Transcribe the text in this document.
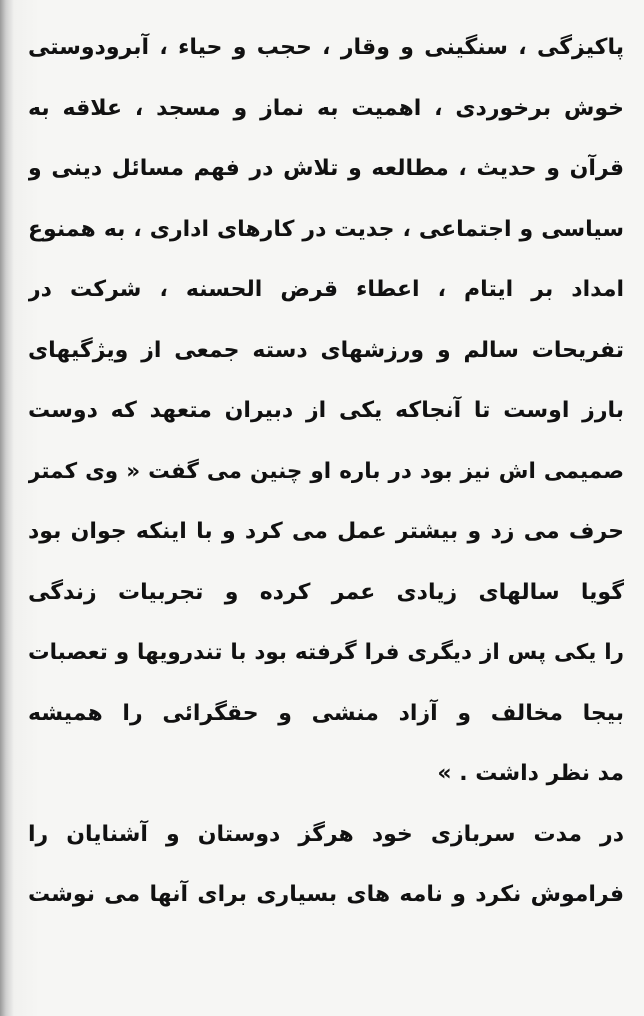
پاکیزگی ، سنگینی و وقار ، حجب و حیاء ، آبرودوستی
خوش برخوردی ، اهمیت به نماز و مسجد ، علاقه به
قرآن و حدیث ، مطالعه و تلاش در فهم مسائل دینی و
سیاسی و اجتماعی ، جدیت در کارهای اداری ، به همنوع
امداد بر ایتام ، اعطاء قرض الحسنه ، شرکت در
تفریحات سالم و ورزشهای دسته جمعی از ویژگیهای
بارز اوست تا آنجاکه یکی از دبیران متعهد که دوست
صمیمی اش نیز بود در باره او چنین می گفت « وی کمتر
حرف می زد و بیشتر عمل می کرد و با اینکه جوان بود
گویا سالهای زیادی عمر کرده و تجربیات زندگی
را یکی پس از دیگری فرا گرفته بود با تندرویها و تعصبات
بیجا مخالف و آزاد منشی و حقگرائی را همیشه
مد نظر داشت . »
در مدت سربازی خود هرگز دوستان و آشنایان را
فراموش نکرد و نامه های بسیاری برای آنها می نوشت
